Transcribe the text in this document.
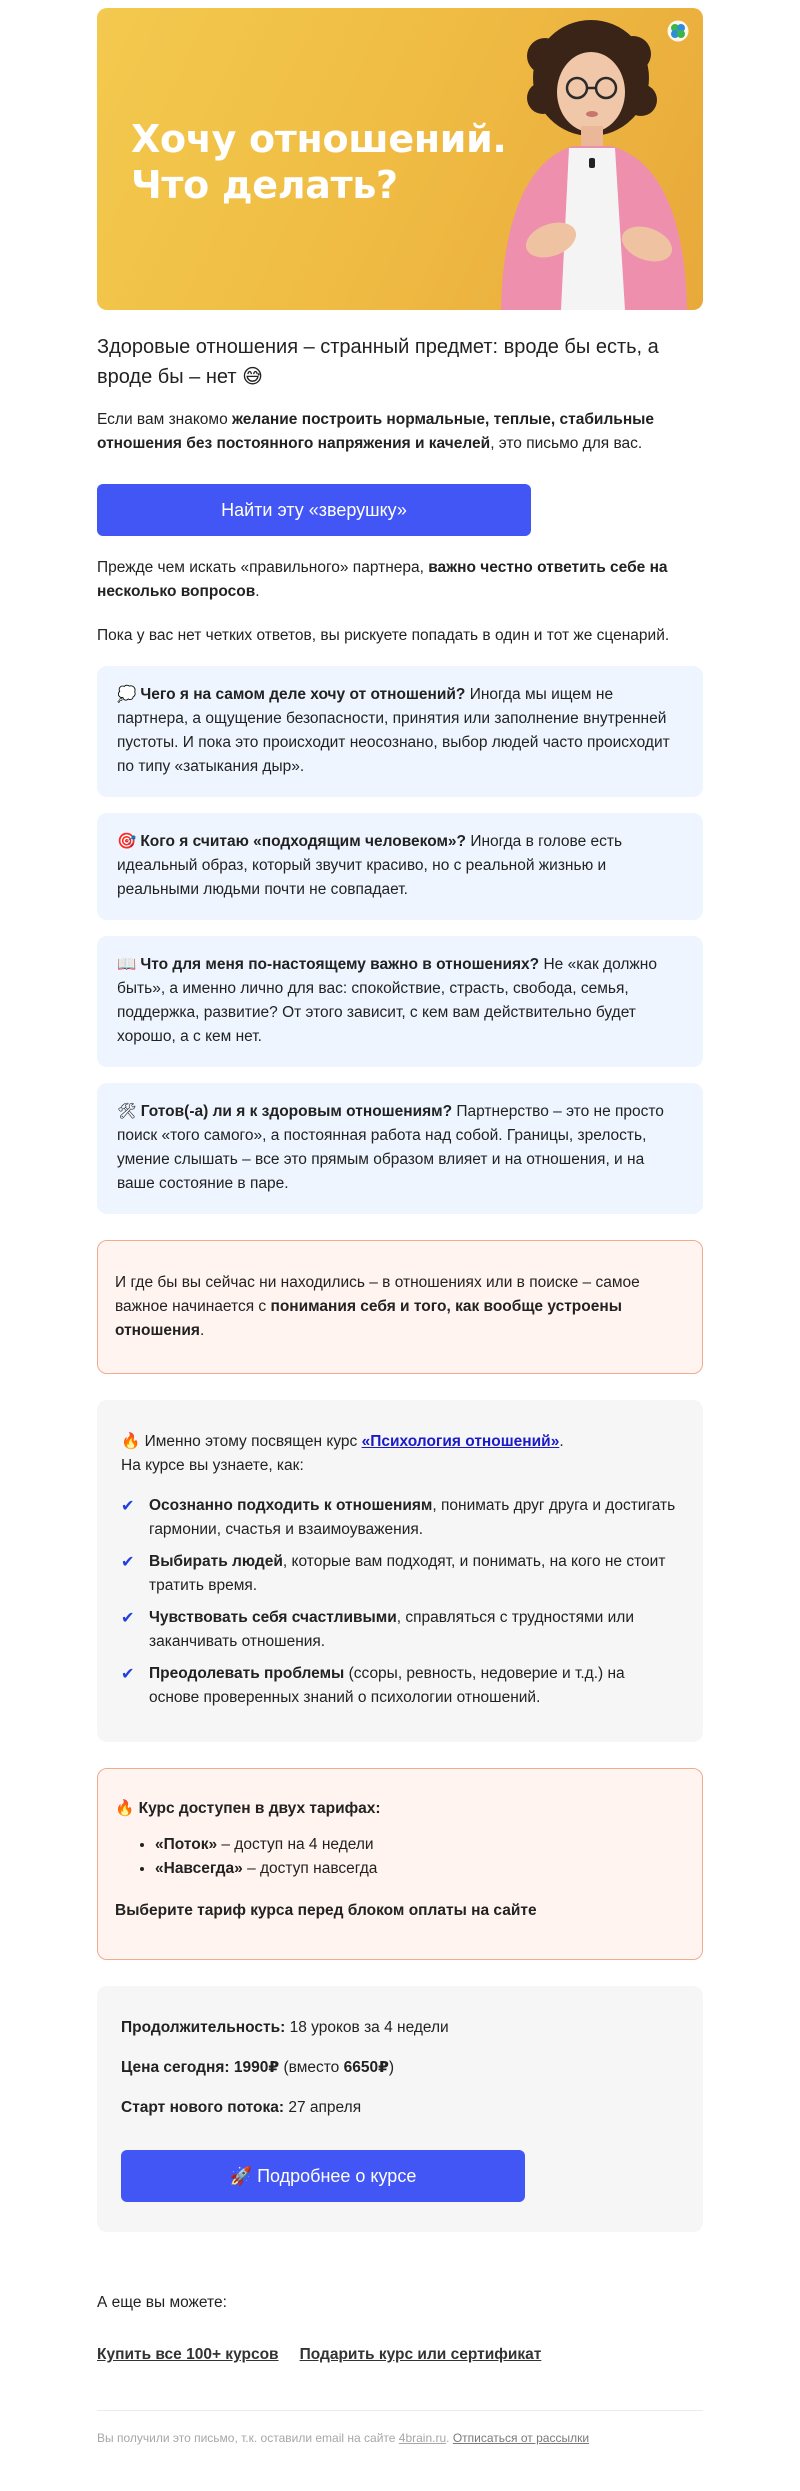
Хочу отношений.
Что делать?
Здоровые отношения – странный предмет: вроде бы есть, а вроде бы – нет 😅
Если вам знакомо желание построить нормальные, теплые, стабильные отношения без постоянного напряжения и качелей, это письмо для вас.
Найти эту «зверушку»
Прежде чем искать «правильного» партнера, важно честно ответить себе на несколько вопросов.
Пока у вас нет четких ответов, вы рискуете попадать в один и тот же сценарий.
💭 Чего я на самом деле хочу от отношений? Иногда мы ищем не партнера, а ощущение безопасности, принятия или заполнение внутренней пустоты. И пока это происходит неосознано, выбор людей часто происходит по типу «затыкания дыр».
🎯 Кого я считаю «подходящим человеком»? Иногда в голове есть идеальный образ, который звучит красиво, но с реальной жизнью и реальными людьми почти не совпадает.
📖 Что для меня по-настоящему важно в отношениях? Не «как должно быть», а именно лично для вас: спокойствие, страсть, свобода, семья, поддержка, развитие? От этого зависит, с кем вам действительно будет хорошо, а с кем нет.
🛠 Готов(-а) ли я к здоровым отношениям? Партнерство – это не просто поиск «того самого», а постоянная работа над собой. Границы, зрелость, умение слышать – все это прямым образом влияет и на отношения, и на ваше состояние в паре.
И где бы вы сейчас ни находились – в отношениях или в поиске – самое важное начинается с понимания себя и того, как вообще устроены отношения.
🔥 Именно этому посвящен курс «Психология отношений».
На курсе вы узнаете, как:
✔ Осознанно подходить к отношениям, понимать друг друга и достигать гармонии, счастья и взаимоуважения.
✔ Выбирать людей, которые вам подходят, и понимать, на кого не стоит тратить время.
✔ Чувствовать себя счастливыми, справляться с трудностями или заканчивать отношения.
✔ Преодолевать проблемы (ссоры, ревность, недоверие и т.д.) на основе проверенных знаний о психологии отношений.
🔥 Курс доступен в двух тарифах:
• «Поток» – доступ на 4 недели
• «Навсегда» – доступ навсегда
Выберите тариф курса перед блоком оплаты на сайте
Продолжительность: 18 уроков за 4 недели
Цена сегодня: 1990₽ (вместо 6650₽)
Старт нового потока: 27 апреля
🚀 Подробнее о курсе
А еще вы можете:
Купить все 100+ курсов Подарить курс или сертификат
Вы получили это письмо, т.к. оставили email на сайте 4brain.ru. Отписаться от рассылки
